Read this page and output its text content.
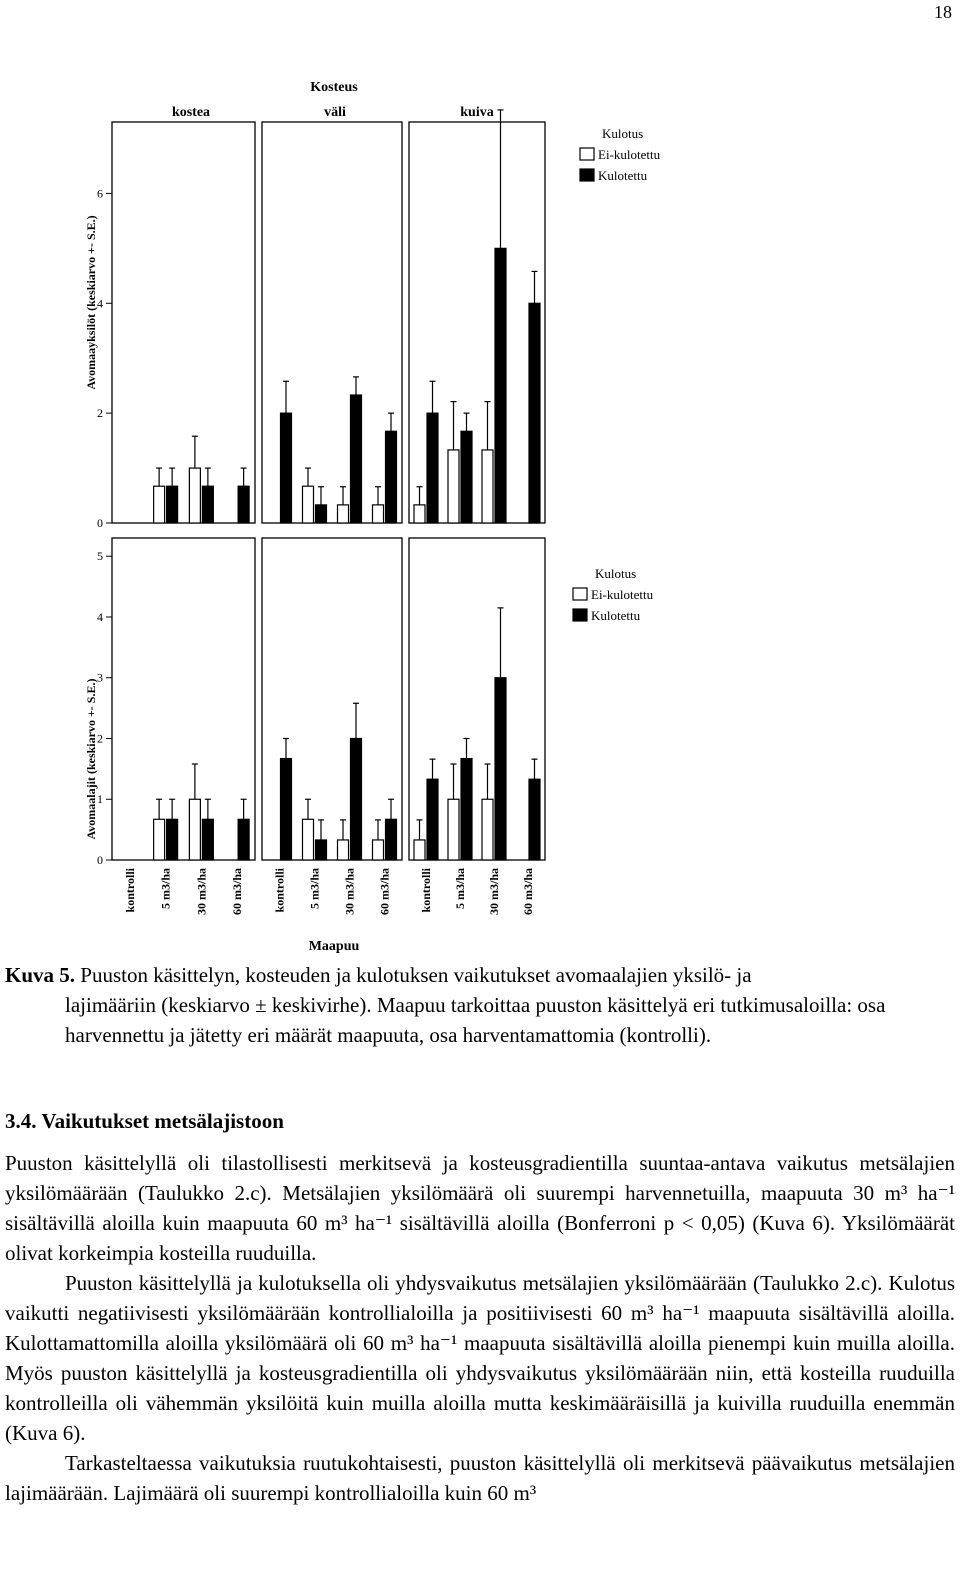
18
Kosteus
kostea	väli	kuiva
0
2
4
6
Avomaayksilöt (keskiarvo +- S.E.)
Kulotus
Ei-kulotettu
Kulotettu
0
1
2
3
4
5
Avomaalajit (keskiarvo +- S.E.)
Kulotus
Ei-kulotettu
Kulotettu
kontrolli 5 m3/ha 30 m3/ha 60 m3/ha kontrolli 5 m3/ha 30 m3/ha 60 m3/ha kontrolli 5 m3/ha 30 m3/ha 60 m3/ha
Maapuu
Kuva 5. Puuston käsittelyn, kosteuden ja kulotuksen vaikutukset avomaalajien yksilö- ja
lajimääriin (keskiarvo ± keskivirhe). Maapuu tarkoittaa puuston käsittelyä eri tutkimusaloilla: osa harvennettu ja jätetty eri määrät maapuuta, osa harventamattomia (kontrolli).
3.4. Vaikutukset metsälajistoon

Puuston käsittelyllä oli tilastollisesti merkitsevä ja kosteusgradientilla suuntaa-antava vaikutus metsälajien yksilömäärään (Taulukko 2.c). Metsälajien yksilömäärä oli suurempi harvennetuilla, maapuuta 30 m³ ha⁻¹ sisältävillä aloilla kuin maapuuta 60 m³ ha⁻¹ sisältävillä aloilla (Bonferroni p < 0,05) (Kuva 6). Yksilömäärät olivat korkeimpia kosteilla ruuduilla.

Puuston käsittelyllä ja kulotuksella oli yhdysvaikutus metsälajien yksilömäärään (Taulukko 2.c). Kulotus vaikutti negatiivisesti yksilömäärään kontrollialoilla ja positiivisesti 60 m³ ha⁻¹ maapuuta sisältävillä aloilla. Kulottamattomilla aloilla yksilömäärä oli 60 m³ ha⁻¹ maapuuta sisältävillä aloilla pienempi kuin muilla aloilla. Myös puuston käsittelyllä ja kosteusgradientilla oli yhdysvaikutus yksilömäärään niin, että kosteilla ruuduilla kontrolleilla oli vähemmän yksilöitä kuin muilla aloilla mutta keskimääräisillä ja kuivilla ruuduilla enemmän (Kuva 6).

Tarkasteltaessa vaikutuksia ruutukohtaisesti, puuston käsittelyllä oli merkitsevä päävaikutus metsälajien lajimäärään. Lajimäärä oli suurempi kontrollialoilla kuin 60 m³
